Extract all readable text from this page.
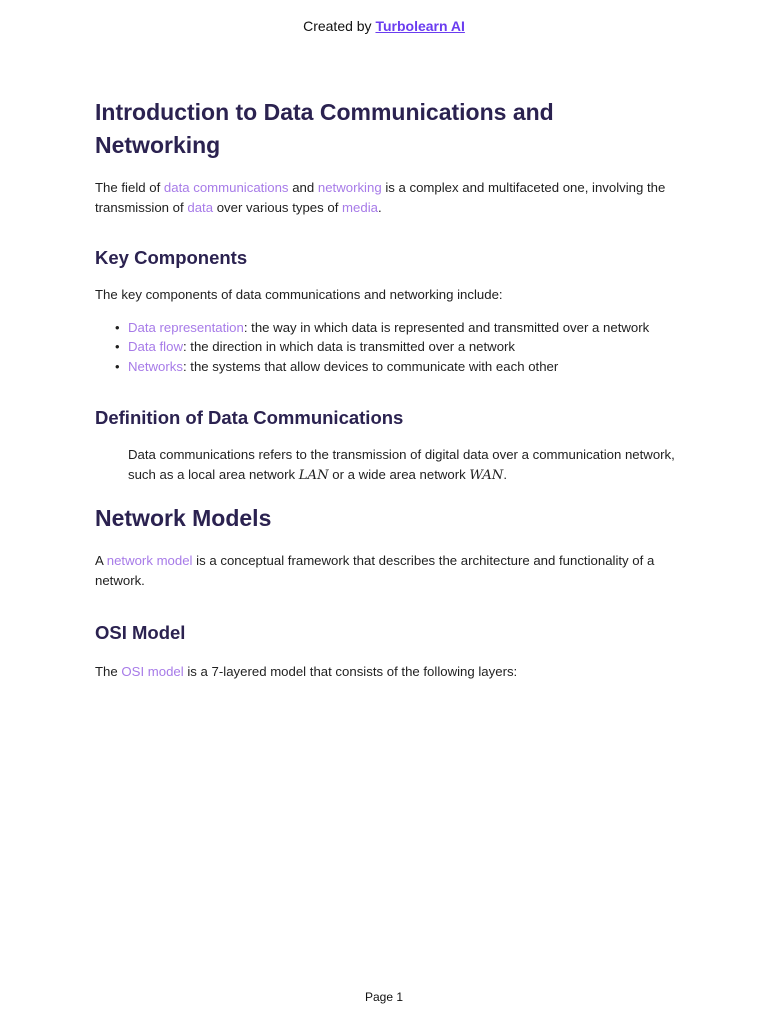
Created by Turbolearn AI
Introduction to Data Communications and Networking

The field of data communications and networking is a complex and multifaceted one, involving the transmission of data over various types of media.

Key Components

The key components of data communications and networking include:

• Data representation: the way in which data is represented and transmitted over a network
• Data flow: the direction in which data is transmitted over a network
• Networks: the systems that allow devices to communicate with each other
Definition of Data Communications

Data communications refers to the transmission of digital data over a communication network, such as a local area network LAN or a wide area network WAN.

Network Models

A network model is a conceptual framework that describes the architecture and functionality of a network.

OSI Model

The OSI model is a 7-layered model that consists of the following layers:

Page 1
